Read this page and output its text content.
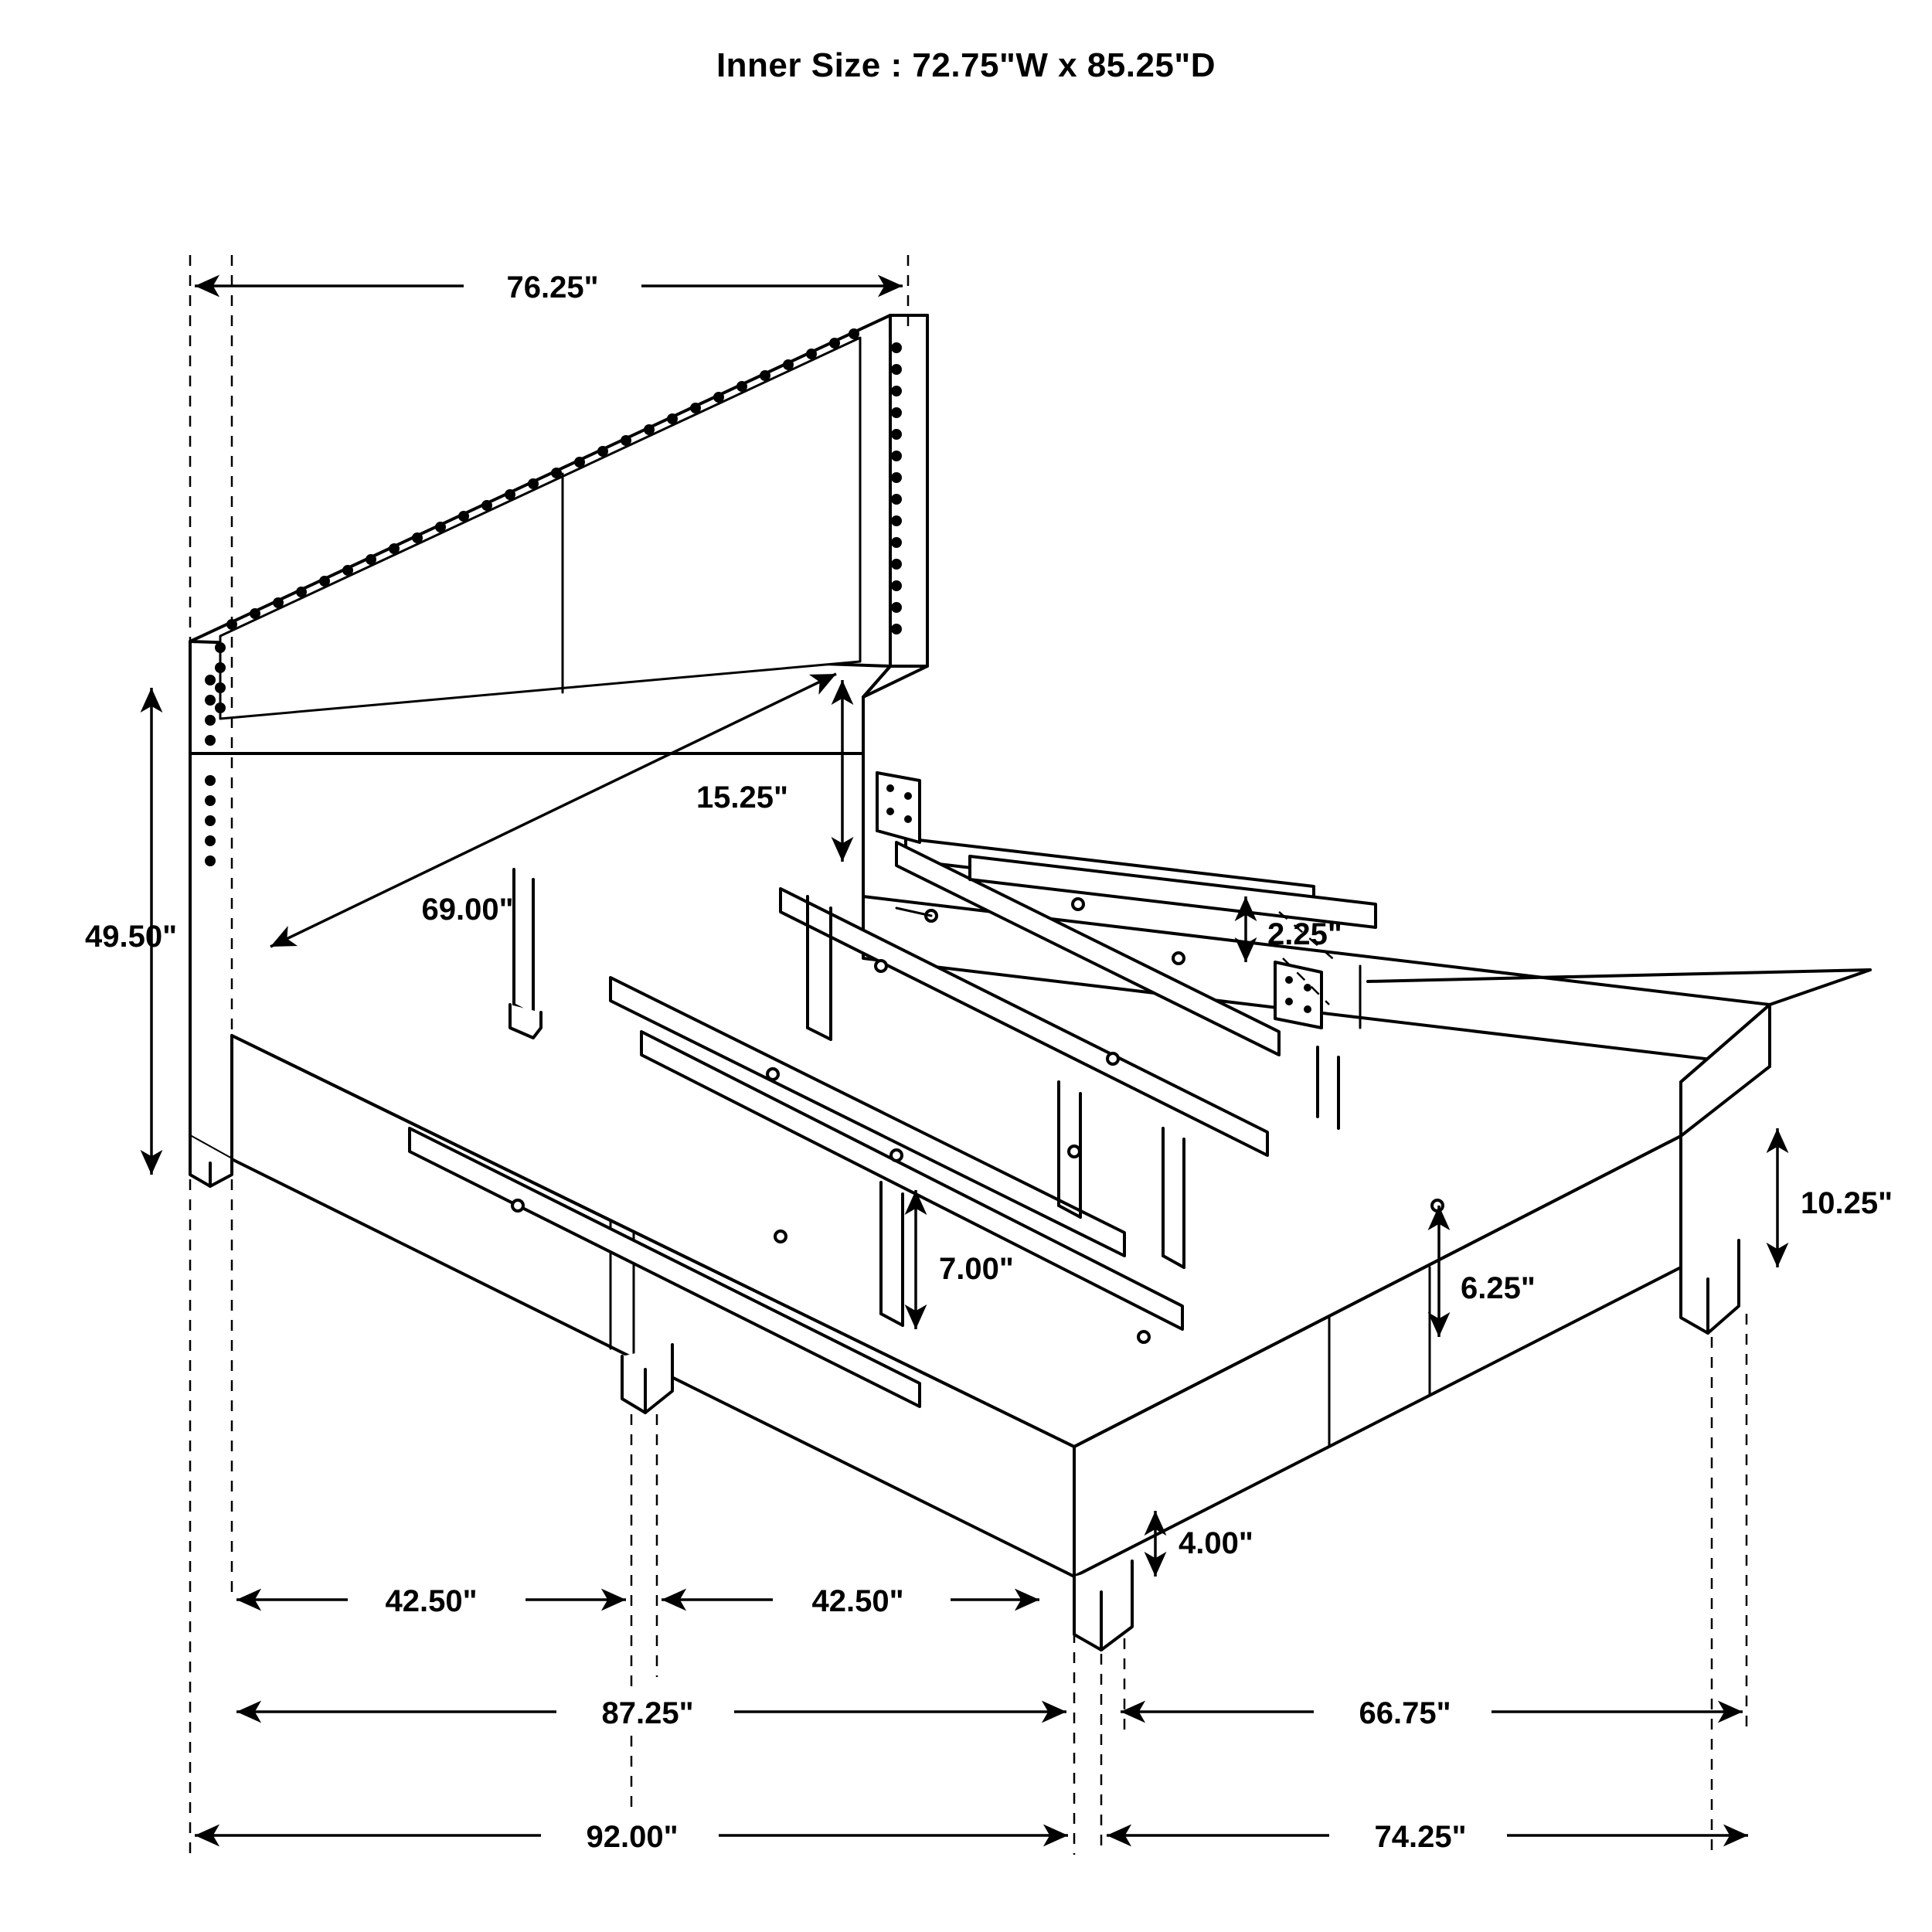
Inner Size : 72.75"W x 85.25"D
76.25"
49.50"
15.25"
69.00"
2.25"
10.25"
7.00"
6.25"
4.00"
42.50"	42.50"
87.25"	66.75"
92.00"	74.25"
